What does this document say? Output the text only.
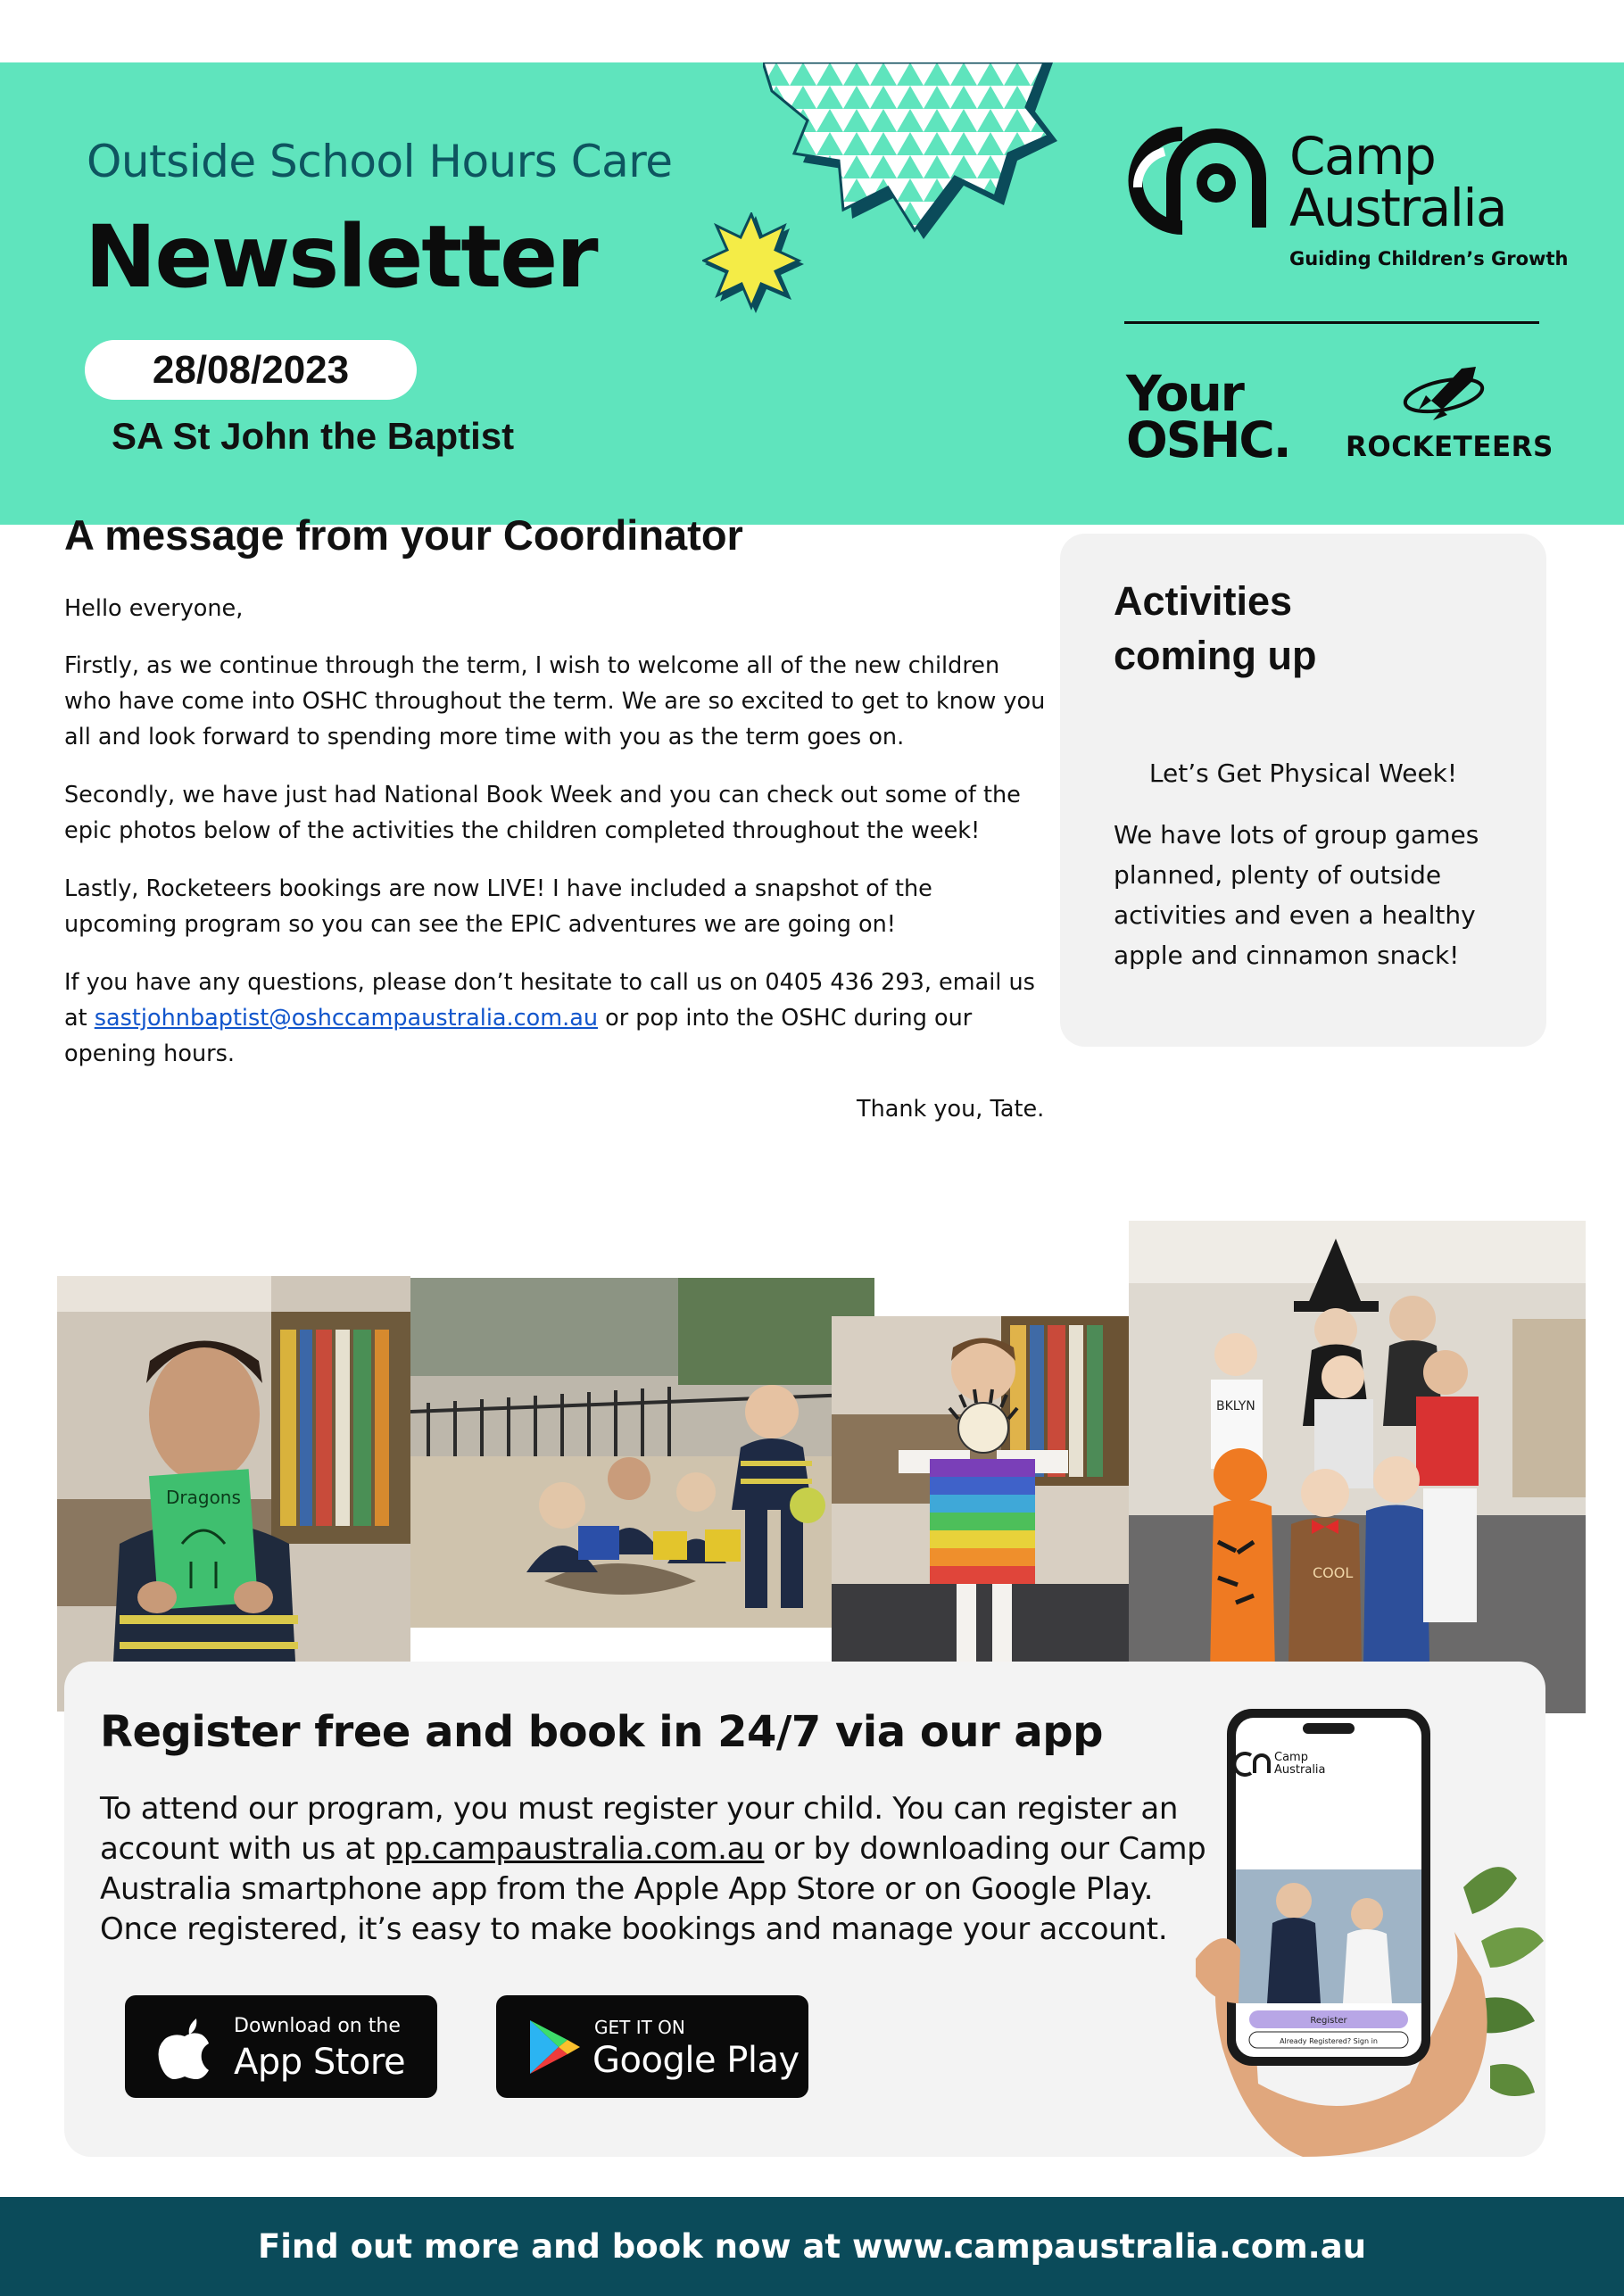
Outside School Hours Care
Newsletter
28/08/2023
SA St John the Baptist
Camp
Australia
Guiding Children’s Growth
Your
OSHC. ROCKETEERS
A message from your Coordinator

Hello everyone,

Firstly, as we continue through the term, I wish to welcome all of the new children who have come into OSHC throughout the term. We are so excited to get to know you all and look forward to spending more time with you as the term goes on.

Secondly, we have just had National Book Week and you can check out some of the epic photos below of the activities the children completed throughout the week!

Lastly, Rocketeers bookings are now LIVE! I have included a snapshot of the upcoming program so you can see the EPIC adventures we are going on!

If you have any questions, please don’t hesitate to call us on 0405 436 293, email us at sastjohnbaptist@oshccampaustralia.com.au or pop into the OSHC during our opening hours.

Thank you, Tate.
Activities
coming up
Let’s Get Physical Week!
We have lots of group games planned, plenty of outside activities and even a healthy apple and cinnamon snack!
Dragons
BKLYN
COOL
Register free and book in 24/7 via our app
To attend our program, you must register your child. You can register an account with us at pp.campaustralia.com.au or by downloading our Camp Australia smartphone app from the Apple App Store or on Google Play. Once registered, it’s easy to make bookings and manage your account.
Download on the
App Store
GET IT ON
Google Play
Camp
Australia
Register
Already Registered? Sign in
Find out more and book now at www.campaustralia.com.au
